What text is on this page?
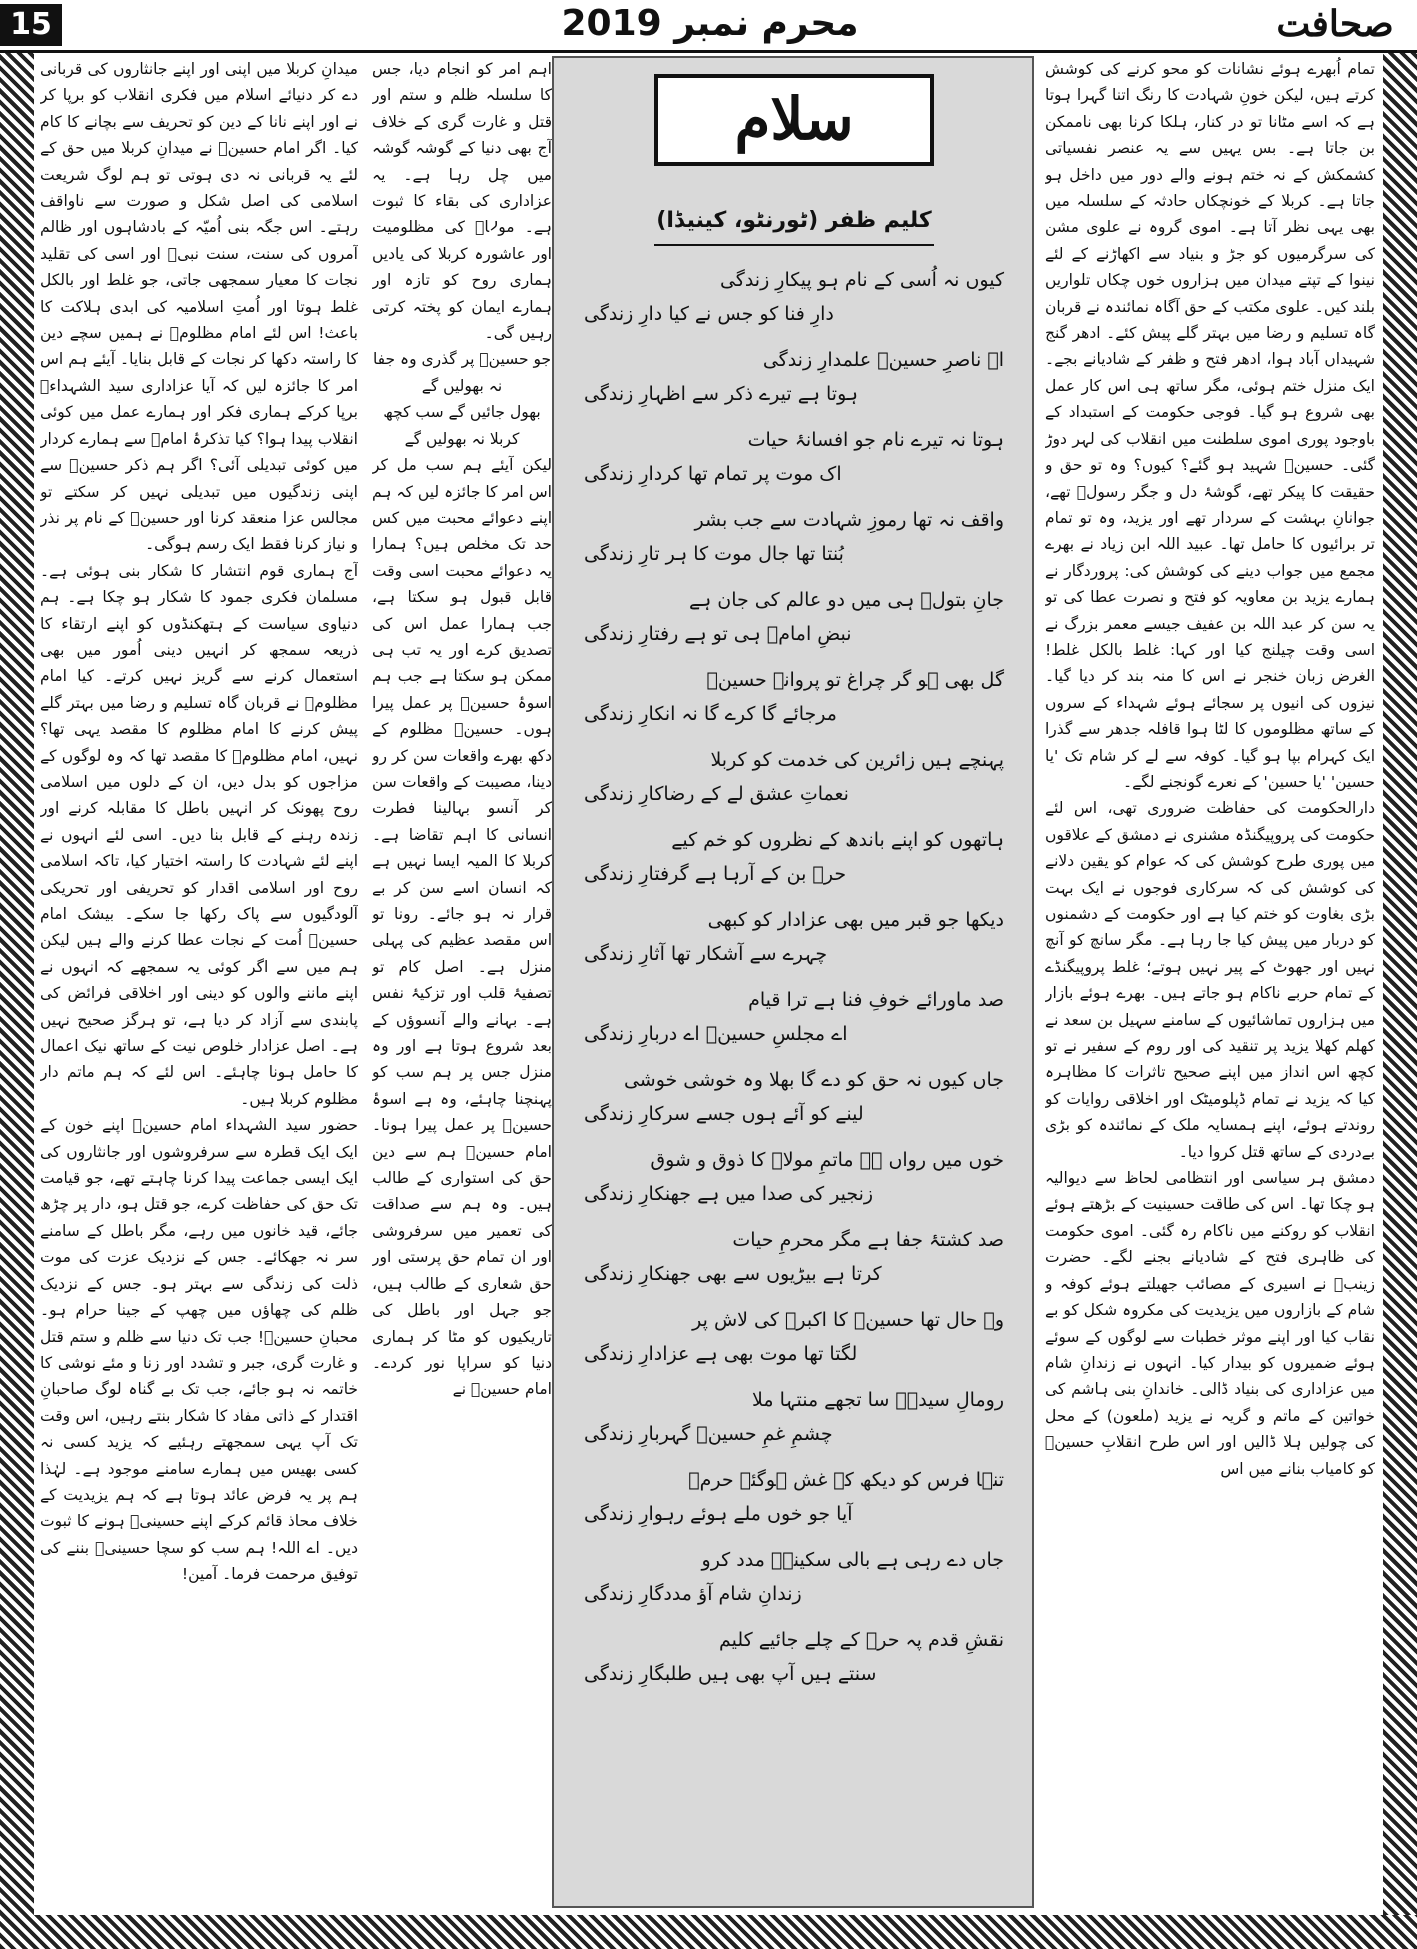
15	محرم نمبر 2019	صحافت

تمام اُبھرے ہوئے نشانات کو محو کرنے کی کوشش کرتے ہیں، لیکن خونِ شہادت کا رنگ اتنا گہرا ہوتا ہے کہ اسے مٹانا تو در کنار، ہلکا کرنا بھی ناممکن بن جاتا ہے۔ بس یہیں سے یہ عنصر نفسیاتی کشمکش کے نہ ختم ہونے والے دور میں داخل ہو جاتا ہے۔ کربلا کے خونچکاں حادثہ کے سلسلہ میں بھی یہی نظر آتا ہے۔ اموی گروہ نے علوی مشن کی سرگرمیوں کو جڑ و بنیاد سے اکھاڑنے کے لئے نینوا کے تپتے میدان میں ہزاروں خوں چکاں تلواریں بلند کیں۔ علوی مکتب کے حق آگاہ نمائندہ نے قربان گاہ تسلیم و رضا میں بہتر گلے پیش کئے۔ ادھر گنج شہیداں آباد ہوا، ادھر فتح و ظفر کے شادیانے بجے۔ ایک منزل ختم ہوئی، مگر ساتھ ہی اس کار عمل بھی شروع ہو گیا۔ فوجی حکومت کے استبداد کے باوجود پوری اموی سلطنت میں انقلاب کی لہر دوڑ گئی۔ حسینؑ شہید ہو گئے؟ کیوں؟ وہ تو حق و حقیقت کا پیکر تھے، گوشۂ دل و جگر رسولؐ تھے، جوانانِ بہشت کے سردار تھے اور یزید، وہ تو تمام تر برائیوں کا حامل تھا۔ عبید اللہ ابن زیاد نے بھرے مجمع میں جواب دینے کی کوشش کی: پروردگار نے ہمارے یزید بن معاویہ کو فتح و نصرت عطا کی تو یہ سن کر عبد اللہ بن عفیف جیسے معمر بزرگ نے اسی وقت چیلنج کیا اور کہا: غلط بالکل غلط! الغرض زبان خنجر نے اس کا منہ بند کر دیا گیا۔ نیزوں کی انیوں پر سجائے ہوئے شہداء کے سروں کے ساتھ مظلوموں کا لٹا ہوا قافلہ جدھر سے گذرا ایک کہرام بپا ہو گیا۔ کوفہ سے لے کر شام تک 'یا حسین' 'یا حسین' کے نعرے گونجنے لگے۔

دارالحکومت کی حفاظت ضروری تھی، اس لئے حکومت کی پروپیگنڈہ مشنری نے دمشق کے علاقوں میں پوری طرح کوشش کی کہ عوام کو یقین دلانے کی کوشش کی کہ سرکاری فوجوں نے ایک بہت بڑی بغاوت کو ختم کیا ہے اور حکومت کے دشمنوں کو دربار میں پیش کیا جا رہا ہے۔ مگر سانچ کو آنچ نہیں اور جھوٹ کے پیر نہیں ہوتے؛ غلط پروپیگنڈے کے تمام حربے ناکام ہو جاتے ہیں۔ بھرے ہوئے بازار میں ہزاروں تماشائیوں کے سامنے سہیل بن سعد نے کھلم کھلا یزید پر تنقید کی اور روم کے سفیر نے تو کچھ اس انداز میں اپنے صحیح تاثرات کا مظاہرہ کیا کہ یزید نے تمام ڈپلومیٹک اور اخلاقی روایات کو روندتے ہوئے، اپنے ہمسایہ ملک کے نمائندہ کو بڑی بےدردی کے ساتھ قتل کروا دیا۔

دمشق ہر سیاسی اور انتظامی لحاظ سے دیوالیہ ہو چکا تھا۔ اس کی طاقت حسینیت کے بڑھتے ہوئے انقلاب کو روکنے میں ناکام رہ گئی۔ اموی حکومت کی ظاہری فتح کے شادیانے بجنے لگے۔ حضرت زینبؑ نے اسیری کے مصائب جھیلتے ہوئے کوفہ و شام کے بازاروں میں یزیدیت کی مکروہ شکل کو بے نقاب کیا اور اپنے موثر خطبات سے لوگوں کے سوئے ہوئے ضمیروں کو بیدار کیا۔ انہوں نے زندانِ شام میں عزاداری کی بنیاد ڈالی۔ خاندانِ بنی ہاشم کی خواتین کے ماتم و گریہ نے یزید (ملعون) کے محل کی چولیں ہلا ڈالیں اور اس طرح انقلابِ حسینؑ کو کامیاب بنانے میں اس

سلام
کلیم ظفر (ٹورنٹو، کینیڈا)
کیوں نہ اُسی کے نام ہو پیکارِ زندگی
دارِ فنا کو جس نے کیا دارِ زندگی
اے ناصرِ حسینؑ علمدارِ زندگی
ہوتا ہے تیرے ذکر سے اظہارِ زندگی
ہوتا نہ تیرے نام جو افسانۂ حیات
اک موت پر تمام تھا کردارِ زندگی
واقف نہ تھا رموزِ شہادت سے جب بشر
بُنتا تھا جال موت کا ہر تارِ زندگی
جانِ بتولؑ ہی میں دو عالم کی جان ہے
نبضِ امامؑ ہی تو ہے رفتارِ زندگی
گل بھی ہو گر چراغ تو پروانۂ حسینؑ
مرجائے گا کرے گا نہ انکارِ زندگی
پہنچے ہیں زائرین کی خدمت کو کربلا
نعماتِ عشق لے کے رضاکارِ زندگی
ہاتھوں کو اپنے باندھ کے نظروں کو خم کیے
حرؑ بن کے آرہا ہے گرفتارِ زندگی
دیکھا جو قبر میں بھی عزادار کو کبھی
چہرے سے آشکار تھا آثارِ زندگی
صد ماورائے خوفِ فنا ہے ترا قیام
اے مجلسِ حسینؑ اے دربارِ زندگی
جاں کیوں نہ حق کو دے گا بھلا وہ خوشی خوشی
لینے کو آئے ہوں جسے سرکارِ زندگی
خوں میں رواں ہے ماتمِ مولاؑ کا ذوق و شوق
زنجیر کی صدا میں ہے جھنکارِ زندگی
صد کشتۂ جفا ہے مگر محرمِ حیات
کرتا ہے بیڑیوں سے بھی جھنکارِ زندگی
وہ حال تھا حسینؑ کا اکبرؑ کی لاش پر
لگتا تھا موت بھی ہے عزادارِ زندگی
رومالِ سیدہؑ سا تجھے منتہا ملا
چشمِ غمِ حسینؑ گہربارِ زندگی
تنہا فرس کو دیکھ کے غش ہوگئے حرمؑ
آیا جو خوں ملے ہوئے رہوارِ زندگی
جاں دے رہی ہے بالی سکینہؑ مدد کرو
زندانِ شام آؤ مددگارِ زندگی
نقشِ قدم پہ حرؑ کے چلے جائیے کلیم
سنتے ہیں آپ بھی ہیں طلبگارِ زندگی

اہم امر کو انجام دیا، جس کا سلسلہ ظلم و ستم اور قتل و غارت گری کے خلاف آج بھی دنیا کے گوشہ گوشہ میں چل رہا ہے۔ یہ عزاداری کی بقاء کا ثبوت ہے۔ مولاؑ کی مظلومیت اور عاشورہ کربلا کی یادیں ہماری روح کو تازہ اور ہمارے ایمان کو پختہ کرتی رہیں گی۔

جو حسینؑ پر گذری وہ جفا نہ بھولیں گے

بھول جائیں گے سب کچھ کربلا نہ بھولیں گے

لیکن آیئے ہم سب مل کر اس امر کا جائزہ لیں کہ ہم اپنے دعوائے محبت میں کس حد تک مخلص ہیں؟ ہمارا یہ دعوائے محبت اسی وقت قابل قبول ہو سکتا ہے، جب ہمارا عمل اس کی تصدیق کرے اور یہ تب ہی ممکن ہو سکتا ہے جب ہم اسوۂ حسینؑ پر عمل پیرا ہوں۔ حسینؑ مظلوم کے دکھ بھرے واقعات سن کر رو دینا، مصیبت کے واقعات سن کر آنسو بہالینا فطرت انسانی کا اہم تقاضا ہے۔ کربلا کا المیہ ایسا نہیں ہے کہ انسان اسے سن کر بے قرار نہ ہو جائے۔ رونا تو اس مقصد عظیم کی پہلی منزل ہے۔ اصل کام تو تصفیۂ قلب اور تزکیۂ نفس ہے۔ بہانے والے آنسوؤں کے بعد شروع ہوتا ہے اور وہ منزل جس پر ہم سب کو پہنچنا چاہئے، وہ ہے اسوۂ حسینؑ پر عمل پیرا ہونا۔ امام حسینؑ ہم سے دین حق کی استواری کے طالب ہیں۔ وہ ہم سے صداقت کی تعمیر میں سرفروشی اور ان تمام حق پرستی اور حق شعاری کے طالب ہیں، جو جہل اور باطل کی تاریکیوں کو مٹا کر ہماری دنیا کو سراپا نور کردے۔ امام حسینؑ نے

میدانِ کربلا میں اپنی اور اپنے جانثاروں کی قربانی دے کر دنیائے اسلام میں فکری انقلاب کو برپا کر نے اور اپنے نانا کے دین کو تحریف سے بچانے کا کام کیا۔ اگر امام حسینؑ نے میدانِ کربلا میں حق کے لئے یہ قربانی نہ دی ہوتی تو ہم لوگ شریعت اسلامی کی اصل شکل و صورت سے ناواقف رہتے۔ اس جگہ بنی اُمیّہ کے بادشاہوں اور ظالم آمروں کی سنت، سنت نبیؐ اور اسی کی تقلید نجات کا معیار سمجھی جاتی، جو غلط اور بالکل غلط ہوتا اور اُمتِ اسلامیہ کی ابدی ہلاکت کا باعث! اس لئے امام مظلومؑ نے ہمیں سچے دین کا راستہ دکھا کر نجات کے قابل بنایا۔ آیئے ہم اس امر کا جائزہ لیں کہ آیا عزاداری سید الشہداءؑ برپا کرکے ہماری فکر اور ہمارے عمل میں کوئی انقلاب پیدا ہوا؟ کیا تذکرۂ امامؑ سے ہمارے کردار میں کوئی تبدیلی آئی؟ اگر ہم ذکر حسینؑ سے اپنی زندگیوں میں تبدیلی نہیں کر سکتے تو مجالس عزا منعقد کرنا اور حسینؑ کے نام پر نذر و نیاز کرنا فقط ایک رسم ہوگی۔

آج ہماری قوم انتشار کا شکار بنی ہوئی ہے۔ مسلمان فکری جمود کا شکار ہو چکا ہے۔ ہم دنیاوی سیاست کے ہتھکنڈوں کو اپنے ارتقاء کا ذریعہ سمجھ کر انہیں دینی اُمور میں بھی استعمال کرنے سے گریز نہیں کرتے۔ کیا امام مظلومؑ نے قربان گاہ تسلیم و رضا میں بہتر گلے پیش کرنے کا امام مظلوم کا مقصد یہی تھا؟ نہیں، امام مظلومؑ کا مقصد تھا کہ وہ لوگوں کے مزاجوں کو بدل دیں، ان کے دلوں میں اسلامی روح پھونک کر انہیں باطل کا مقابلہ کرنے اور زندہ رہنے کے قابل بنا دیں۔ اسی لئے انہوں نے اپنے لئے شہادت کا راستہ اختیار کیا، تاکہ اسلامی روح اور اسلامی اقدار کو تحریفی اور تحریکی آلودگیوں سے پاک رکھا جا سکے۔ بیشک امام حسینؑ اُمت کے نجات عطا کرنے والے ہیں لیکن ہم میں سے اگر کوئی یہ سمجھے کہ انہوں نے اپنے ماننے والوں کو دینی اور اخلاقی فرائض کی پابندی سے آزاد کر دیا ہے، تو ہرگز صحیح نہیں ہے۔ اصل عزادار خلوص نیت کے ساتھ نیک اعمال کا حامل ہونا چاہئے۔ اس لئے کہ ہم ماتم دار مظلوم کربلا ہیں۔

حضور سید الشہداء امام حسینؑ اپنے خون کے ایک ایک قطرہ سے سرفروشوں اور جانثاروں کی ایک ایسی جماعت پیدا کرنا چاہتے تھے، جو قیامت تک حق کی حفاظت کرے، جو قتل ہو، دار پر چڑھ جائے، قید خانوں میں رہے، مگر باطل کے سامنے سر نہ جھکائے۔ جس کے نزدیک عزت کی موت ذلت کی زندگی سے بہتر ہو۔ جس کے نزدیک ظلم کی چھاؤں میں چھپ کے جینا حرام ہو۔ محبانِ حسینؑ! جب تک دنیا سے ظلم و ستم قتل و غارت گری، جبر و تشدد اور زنا و مئے نوشی کا خاتمہ نہ ہو جائے، جب تک بے گناہ لوگ صاحبانِ اقتدار کے ذاتی مفاد کا شکار بنتے رہیں، اس وقت تک آپ یہی سمجھتے رہئیے کہ یزید کسی نہ کسی بھیس میں ہمارے سامنے موجود ہے۔ لہٰذا ہم پر یہ فرض عائد ہوتا ہے کہ ہم یزیدیت کے خلاف محاذ قائم کرکے اپنے حسینیؑ ہونے کا ثبوت دیں۔ اے اللہ! ہم سب کو سچا حسینیؑ بننے کی توفیق مرحمت فرما۔ آمین!
